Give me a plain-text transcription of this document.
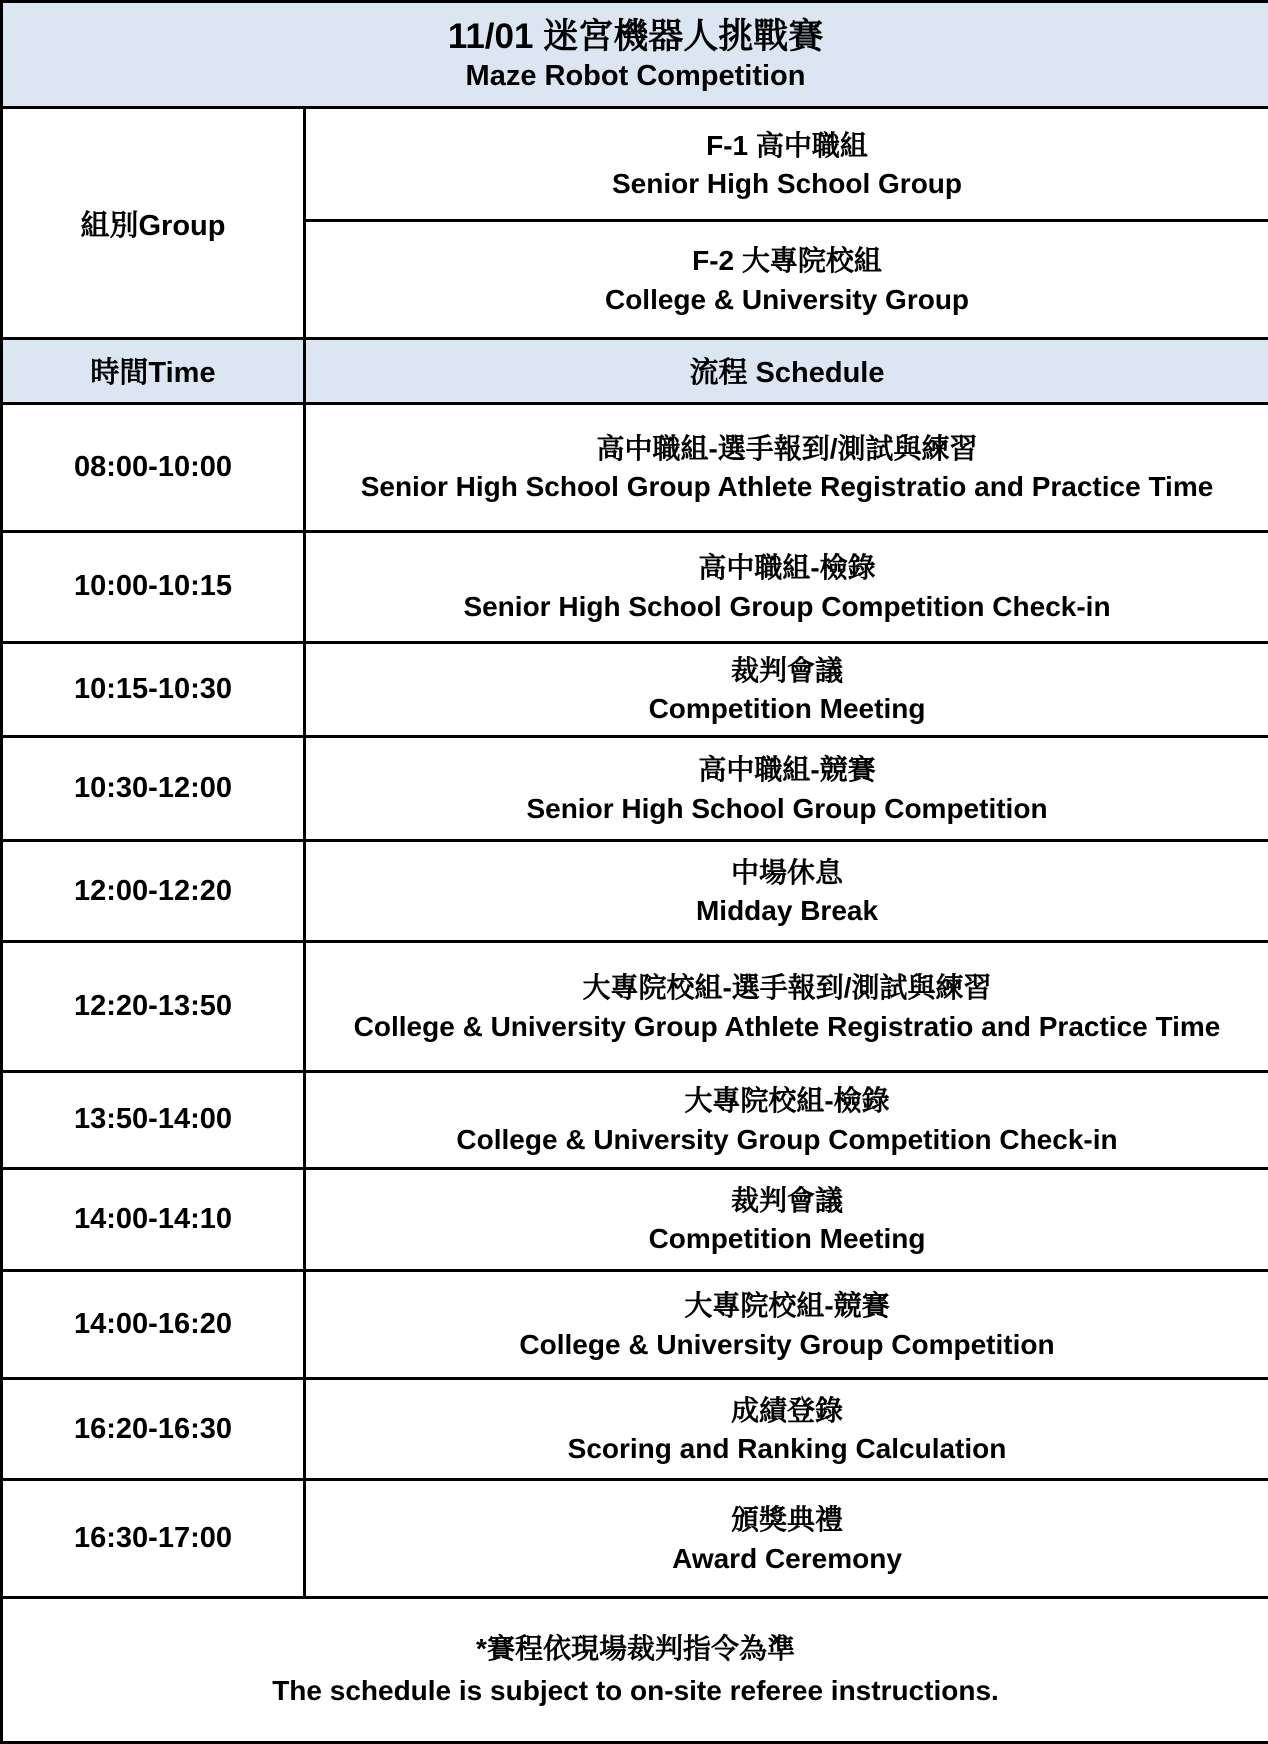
11/01 迷宮機器人挑戰賽
Maze Robot Competition	

組別Group	F-1 高中職組
Senior High School Group

	F-2 大專院校組
College & University Group

時間Time	流程 Schedule
08:00-10:00	高中職組-選手報到/測試與練習
Senior High School Group Athlete Registratio and Practice Time

10:00-10:15	高中職組-檢錄
Senior High School Group Competition Check-in

10:15-10:30	裁判會議
Competition Meeting

10:30-12:00	高中職組-競賽
Senior High School Group Competition

12:00-12:20	中場休息
Midday Break

12:20-13:50	大專院校組-選手報到/測試與練習
College & University Group Athlete Registratio and Practice Time

13:50-14:00	大專院校組-檢錄
College & University Group Competition Check-in

14:00-14:10	裁判會議
Competition Meeting

14:00-16:20	大專院校組-競賽
College & University Group Competition

16:20-16:30	成績登錄
Scoring and Ranking Calculation

16:30-17:00	頒獎典禮
Award Ceremony

*賽程依現場裁判指令為準
The schedule is subject to on-site referee instructions.	
